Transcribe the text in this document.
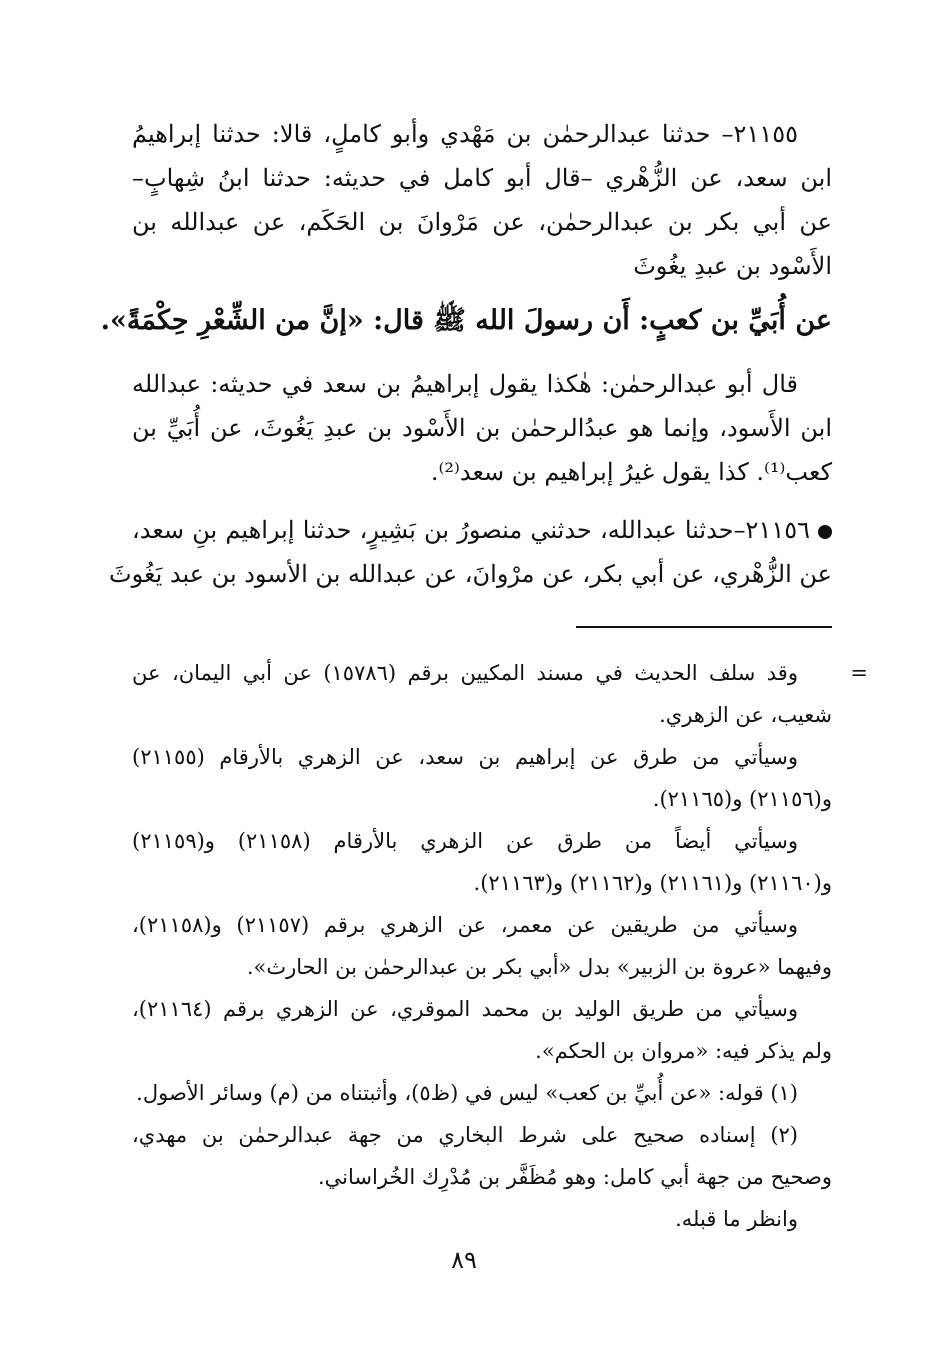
٢١١٥٥– حدثنا عبدالرحمٰن بن مَهْدي وأبو كاملٍ، قالا: حدثنا إبراهيمُ
ابن سعد، عن الزُّهْري –قال أبو كامل في حديثه: حدثنا ابنُ شِهابٍ–
عن أبي بكر بن عبدالرحمٰن، عن مَرْوانَ بن الحَكَم، عن عبدالله بن
الأَسْود بن عبدِ يغُوثَ
عن أُبَيِّ بن كعبٍ: أَن رسولَ الله ﷺ قال: «إنَّ من الشِّعْرِ حِكْمَةً».
قال أبو عبدالرحمٰن: هٰكذا يقول إبراهيمُ بن سعد في حديثه: عبدالله
ابن الأَسود، وإنما هو عبدُالرحمٰن بن الأَسْود بن عبدِ يَغُوثَ، عن أُبَيِّ بن
كعب⁽¹⁾. كذا يقول غيرُ إبراهيم بن سعد⁽²⁾.
٢١١٥٦–حدثنا عبدالله، حدثني منصورُ بن بَشِيرٍ، حدثنا إبراهيم بنِ سعد،
عن الزُّهْري، عن أبي بكر، عن مرْوانَ، عن عبدالله بن الأسود بن عبد يَغُوثَ
=
وقد سلف الحديث في مسند المكيين برقم (١٥٧٨٦) عن أبي اليمان، عن
شعيب، عن الزهري.
وسيأتي من طرق عن إبراهيم بن سعد، عن الزهري بالأرقام (٢١١٥٥)
و(٢١١٥٦) و(٢١١٦٥).
وسيأتي أيضاً من طرق عن الزهري بالأرقام (٢١١٥٨) و(٢١١٥٩)
و(٢١١٦٠) و(٢١١٦١) و(٢١١٦٢) و(٢١١٦٣).
وسيأتي من طريقين عن معمر، عن الزهري برقم (٢١١٥٧) و(٢١١٥٨)،
وفيهما «عروة بن الزبير» بدل «أبي بكر بن عبدالرحمٰن بن الحارث».
وسيأتي من طريق الوليد بن محمد الموقري، عن الزهري برقم (٢١١٦٤)،
ولم يذكر فيه: «مروان بن الحكم».
(١) قوله: «عن أُبيِّ بن كعب» ليس في (ظ٥)، وأثبتناه من (م) وسائر الأصول.
(٢) إسناده صحيح على شرط البخاري من جهة عبدالرحمٰن بن مهدي،
وصحيح من جهة أبي كامل: وهو مُظَفَّر بن مُدْرِك الخُراساني.
وانظر ما قبله.
٨٩
